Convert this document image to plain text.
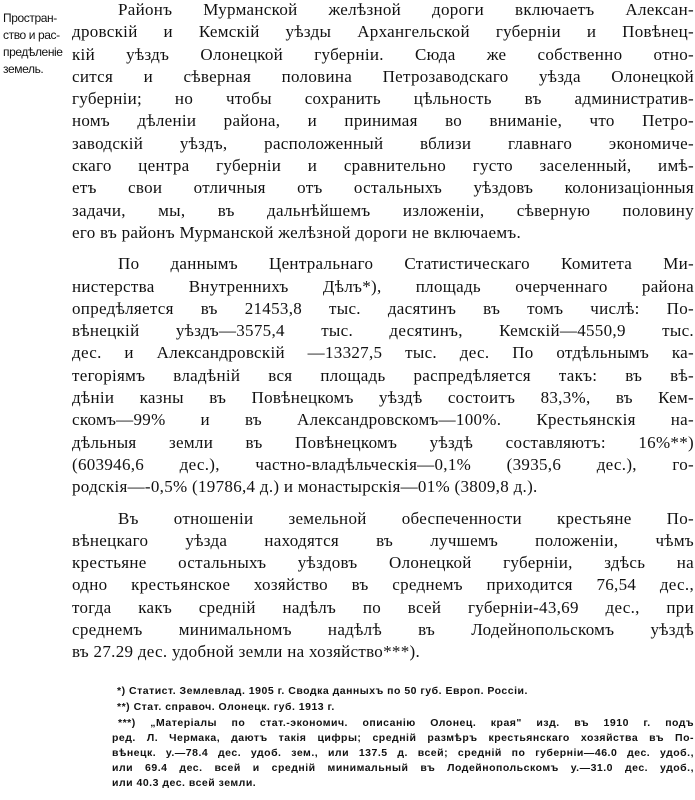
Простран-
ство и рас-
предѣленіе
земель.
Районъ Мурманской желѣзной дороги включаетъ Алексан-
дровскій и Кемскій уѣзды Архангельской губерніи и Повѣнец-
кій уѣздъ Олонецкой губерніи. Сюда же собственно отно-
сится и сѣверная половина Петрозаводскаго уѣзда Олонецкой
губерніи; но чтобы сохранить цѣльность въ административ-
номъ дѣленіи района, и принимая во вниманіе, что Петро-
заводскій уѣздъ, расположенный вблизи главнаго экономиче-
скаго центра губерніи и сравнительно густо заселенный, имѣ-
етъ свои отличныя отъ остальныхъ уѣздовъ колонизаціонныя
задачи, мы, въ дальнѣйшемъ изложеніи, сѣверную половину
его въ районъ Мурманской желѣзной дороги не включаемъ.
По даннымъ Центральнаго Статистическаго Комитета Ми-
нистерства Внутреннихъ Дѣлъ*), площадь очерченнаго района
опредѣляется въ 21453,8 тыс. дасятинъ въ томъ числѣ: По-
вѣнецкій уѣздъ—3575,4 тыс. десятинъ, Кемскій—4550,9 тыс.
дес. и Александровскій —13327,5 тыс. дес. По отдѣльнымъ ка-
тегоріямъ владѣній вся площадь распредѣляется такъ: въ вѣ-
дѣніи казны въ Повѣнецкомъ уѣздѣ состоитъ 83,3%, въ Кем-
скомъ—99% и въ Александровскомъ—100%. Крестьянскія на-
дѣльныя земли въ Повѣнецкомъ уѣздѣ составляютъ: 16%**)
(603946,6 дес.), частно-владѣльческія—0,1% (3935,6 дес.), го-
родскія—-0,5% (19786,4 д.) и монастырскія—01% (3809,8 д.).
Въ отношеніи земельной обеспеченности крестьяне По-
вѣнецкаго уѣзда находятся въ лучшемъ положеніи, чѣмъ
крестьяне остальныхъ уѣздовъ Олонецкой губерніи, здѣсь на
одно крестьянское хозяйство въ среднемъ приходится 76,54 дес.,
тогда какъ средній надѣлъ по всей губерніи-43,69 дес., при
среднемъ минимальномъ надѣлѣ въ Лодейнопольскомъ уѣздѣ
въ 27.29 дес. удобной земли на хозяйство***).

*) Статист. Землевлад. 1905 г. Сводка данныхъ по 50 губ. Европ. Россіи.

**) Стат. справоч. Олонецк. губ. 1913 г.

***) „Матеріалы по стат.-экономич. описанію Олонец. края" изд. въ 1910 г. подъ
ред. Л. Чермака, даютъ такія цифры; средній размѣръ крестьянскаго хозяйства въ По-
вѣнецк. у.—78.4 дес. удоб. зем., или 137.5 д. всей; средній по губерніи—46.0 дес. удоб.,
или 69.4 дес. всей и средній минимальный въ Лодейнопольскомъ у.—31.0 дес. удоб.,
или 40.3 дес. всей земли.
